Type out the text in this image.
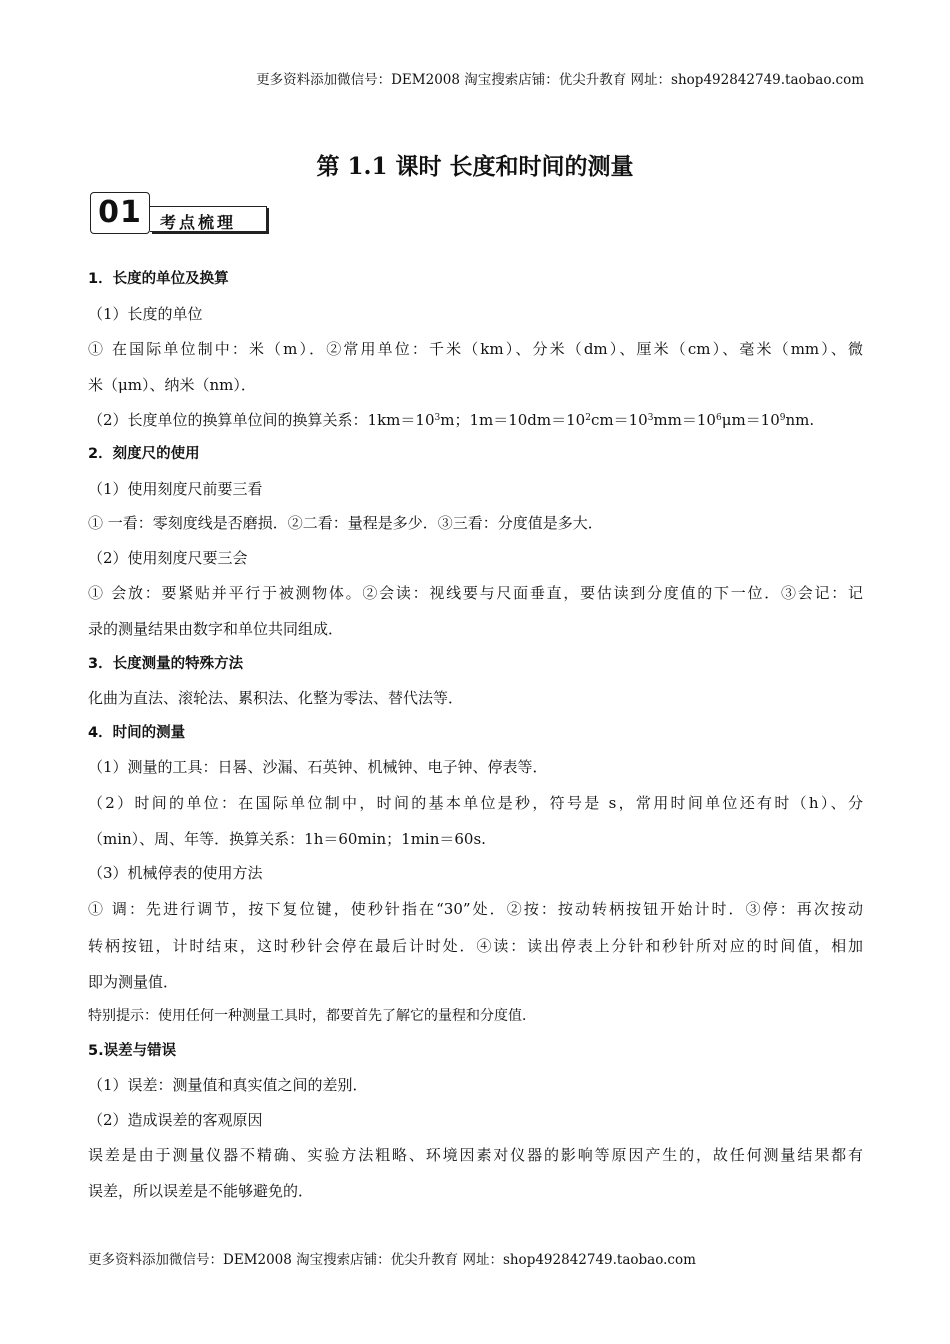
更多资料添加微信号：DEM2008 淘宝搜索店铺：优尖升教育 网址：shop492842749.taobao.com
第 1.1 课时 长度和时间的测量
01	考点梳理
1．长度的单位及换算
（1）长度的单位
① 在国际单位制中：米（m）．②常用单位：千米（km）、分米（dm）、厘米（cm）、毫米（mm）、微
米（μm）、纳米（nm）．
（2）长度单位的换算单位间的换算关系：$1km=10^3m$；$1m=10dm=10^2cm=10^3mm=10^6\mu m=10^9nm$.
2．刻度尺的使用
（1）使用刻度尺前要三看
① 一看：零刻度线是否磨损．②二看：量程是多少．③三看：分度值是多大．
（2）使用刻度尺要三会
① 会放：要紧贴并平行于被测物体。②会读：视线要与尺面垂直，要估读到分度值的下一位．③会记：记
录的测量结果由数字和单位共同组成．
3．长度测量的特殊方法
化曲为直法、滚轮法、累积法、化整为零法、替代法等．
4．时间的测量
（1）测量的工具：日晷、沙漏、石英钟、机械钟、电子钟、停表等．
（2）时间的单位：在国际单位制中，时间的基本单位是秒，符号是 s，常用时间单位还有时（h）、分
（min）、周、年等．换算关系：1h＝60min；1min＝60s.
（3）机械停表的使用方法
① 调：先进行调节，按下复位键，使秒针指在“30”处．②按：按动转柄按钮开始计时．③停：再次按动
转柄按钮，计时结束，这时秒针会停在最后计时处．④读：读出停表上分针和秒针所对应的时间值，相加
即为测量值．
特别提示：使用任何一种测量工具时，都要首先了解它的量程和分度值．
5.误差与错误
（1）误差：测量值和真实值之间的差别．
（2）造成误差的客观原因
误差是由于测量仪器不精确、实验方法粗略、环境因素对仪器的影响等原因产生的，故任何测量结果都有
误差，所以误差是不能够避免的．
更多资料添加微信号：DEM2008 淘宝搜索店铺：优尖升教育 网址：shop492842749.taobao.com
